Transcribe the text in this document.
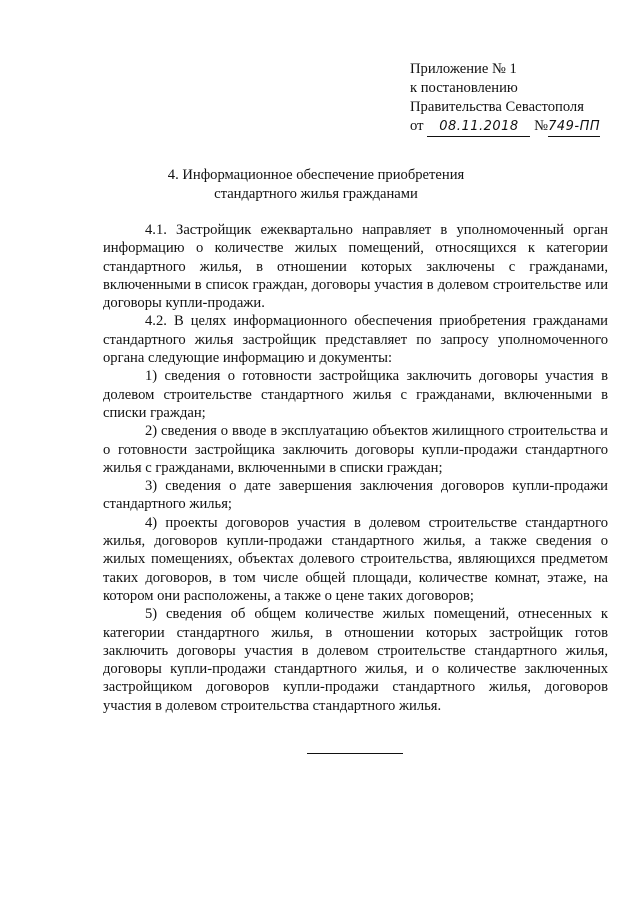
Приложение № 1
к постановлению
Правительства Севастополя
от 08.11.2018 №749-ПП
4. Информационное обеспечение приобретения
стандартного жилья гражданами

4.1. Застройщик ежеквартально направляет в уполномоченный орган информацию о количестве жилых помещений, относящихся к категории стандартного жилья, в отношении которых заключены с гражданами, включенными в список граждан, договоры участия в долевом строительстве или договоры купли-продажи.

4.2. В целях информационного обеспечения приобретения гражданами стандартного жилья застройщик представляет по запросу уполномоченного органа следующие информацию и документы:

1) сведения о готовности застройщика заключить договоры участия в долевом строительстве стандартного жилья с гражданами, включенными в списки граждан;

2) сведения о вводе в эксплуатацию объектов жилищного строительства и о готовности застройщика заключить договоры купли-продажи стандартного жилья с гражданами, включенными в списки граждан;

3) сведения о дате завершения заключения договоров купли-продажи стандартного жилья;

4) проекты договоров участия в долевом строительстве стандартного жилья, договоров купли-продажи стандартного жилья, а также сведения о жилых помещениях, объектах долевого строительства, являющихся предметом таких договоров, в том числе общей площади, количестве комнат, этаже, на котором они расположены, а также о цене таких договоров;

5) сведения об общем количестве жилых помещений, отнесенных к категории стандартного жилья, в отношении которых застройщик готов заключить договоры участия в долевом строительстве стандартного жилья, договоры купли-продажи стандартного жилья, и о количестве заключенных застройщиком договоров купли-продажи стандартного жилья, договоров участия в долевом строительства стандартного жилья.
